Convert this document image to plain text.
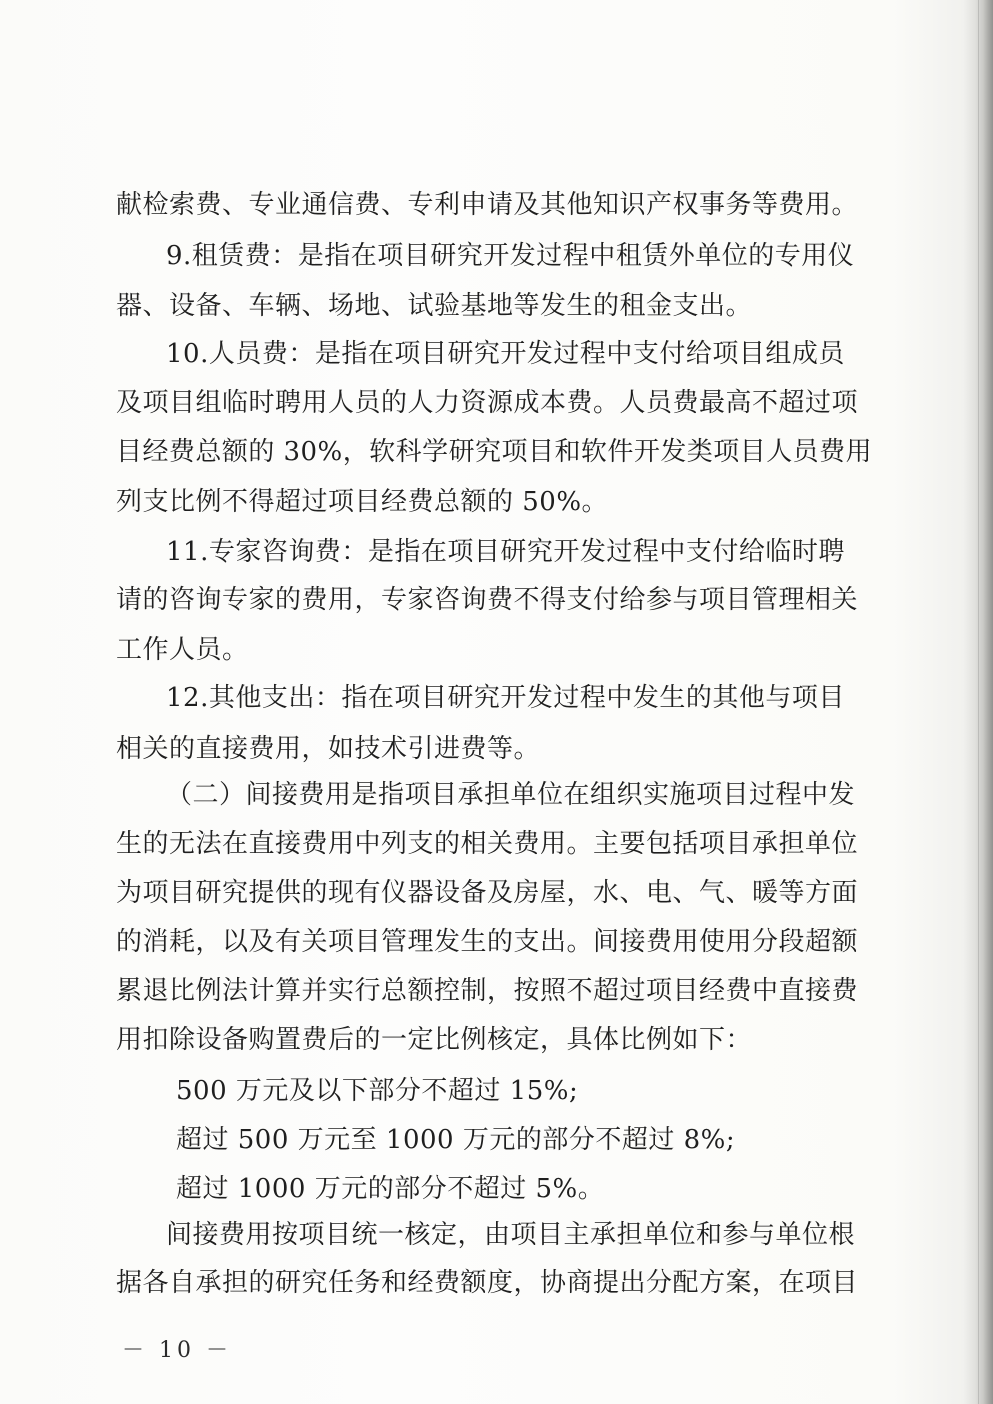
献检索费、专业通信费、专利申请及其他知识产权事务等费用。
9.租赁费：是指在项目研究开发过程中租赁外单位的专用仪
器、设备、车辆、场地、试验基地等发生的租金支出。
10.人员费：是指在项目研究开发过程中支付给项目组成员
及项目组临时聘用人员的人力资源成本费。人员费最高不超过项
目经费总额的 30%，软科学研究项目和软件开发类项目人员费用
列支比例不得超过项目经费总额的 50%。
11.专家咨询费：是指在项目研究开发过程中支付给临时聘
请的咨询专家的费用，专家咨询费不得支付给参与项目管理相关
工作人员。
12.其他支出：指在项目研究开发过程中发生的其他与项目
相关的直接费用，如技术引进费等。
（二）间接费用是指项目承担单位在组织实施项目过程中发
生的无法在直接费用中列支的相关费用。主要包括项目承担单位
为项目研究提供的现有仪器设备及房屋，水、电、气、暖等方面
的消耗，以及有关项目管理发生的支出。间接费用使用分段超额
累退比例法计算并实行总额控制，按照不超过项目经费中直接费
用扣除设备购置费后的一定比例核定，具体比例如下：
500 万元及以下部分不超过 15%;
超过 500 万元至 1000 万元的部分不超过 8%;
超过 1000 万元的部分不超过 5%。
间接费用按项目统一核定，由项目主承担单位和参与单位根
据各自承担的研究任务和经费额度，协商提出分配方案，在项目
－ 10 －
